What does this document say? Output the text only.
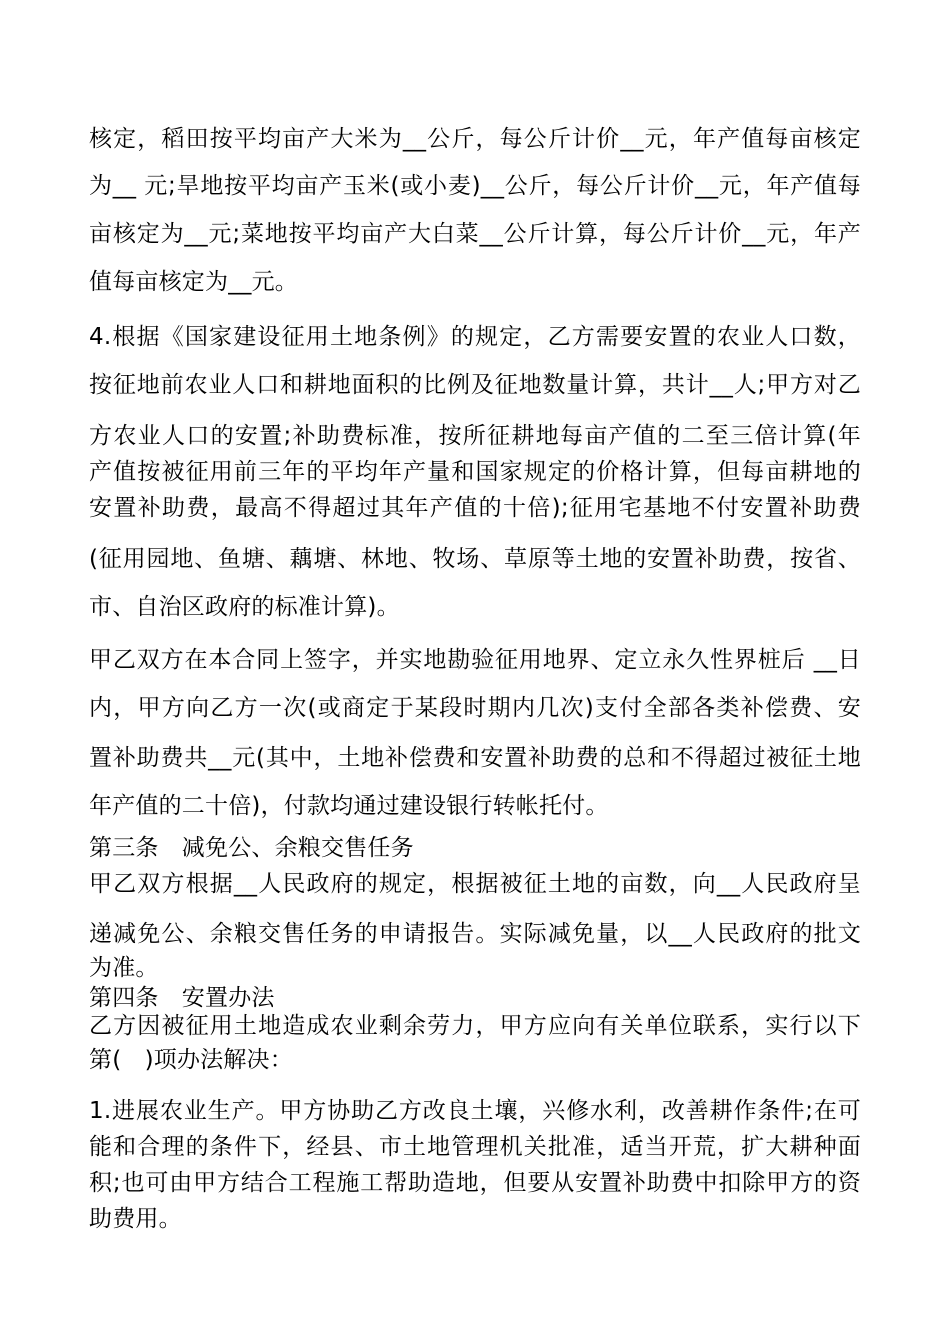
核定，稻田按平均亩产大米为__公斤，每公斤计价__元，年产值每亩核定
为__ 元;旱地按平均亩产玉米(或小麦)__公斤，每公斤计价__元，年产值每
亩核定为__元;菜地按平均亩产大白菜__公斤计算，每公斤计价__元，年产
值每亩核定为__元。
4.根据《国家建设征用土地条例》的规定，乙方需要安置的农业人口数，
按征地前农业人口和耕地面积的比例及征地数量计算，共计__人;甲方对乙
方农业人口的安置;补助费标准，按所征耕地每亩产值的二至三倍计算(年
产值按被征用前三年的平均年产量和国家规定的价格计算，但每亩耕地的
安置补助费，最高不得超过其年产值的十倍);征用宅基地不付安置补助费
(征用园地、鱼塘、藕塘、林地、牧场、草原等土地的安置补助费，按省、
市、自治区政府的标准计算)。
甲乙双方在本合同上签字，并实地勘验征用地界、定立永久性界桩后 __日
内，甲方向乙方一次(或商定于某段时期内几次)支付全部各类补偿费、安
置补助费共__元(其中，土地补偿费和安置补助费的总和不得超过被征土地
年产值的二十倍)，付款均通过建设银行转帐托付。
第三条　减免公、余粮交售任务
甲乙双方根据__人民政府的规定，根据被征土地的亩数，向__人民政府呈
递减免公、余粮交售任务的申请报告。实际减免量，以__人民政府的批文
为准。
第四条　安置办法
乙方因被征用土地造成农业剩余劳力，甲方应向有关单位联系，实行以下
第(　)项办法解决：
1.进展农业生产。甲方协助乙方改良土壤，兴修水利，改善耕作条件;在可
能和合理的条件下，经县、市土地管理机关批准，适当开荒，扩大耕种面
积;也可由甲方结合工程施工帮助造地，但要从安置补助费中扣除甲方的资
助费用。
